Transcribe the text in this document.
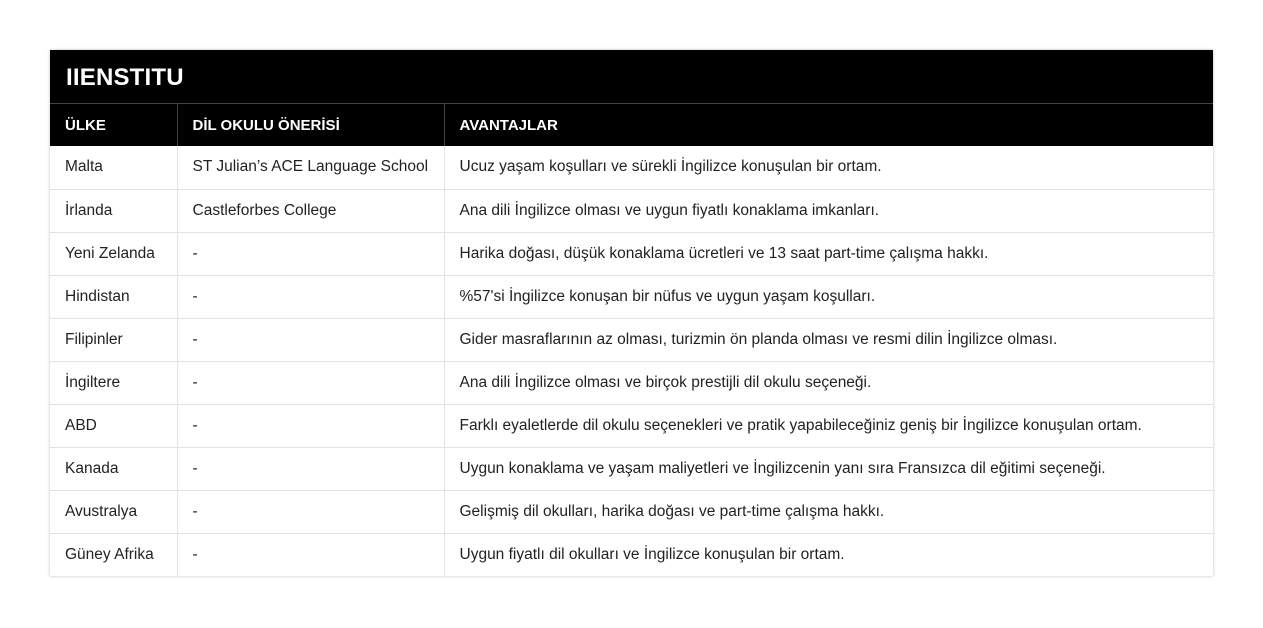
IIENSTITU
ÜLKE	DİL OKULU ÖNERİSİ	AVANTAJLAR
Malta	ST Julian’s ACE Language School	Ucuz yaşam koşulları ve sürekli İngilizce konuşulan bir ortam.
İrlanda	Castleforbes College	Ana dili İngilizce olması ve uygun fiyatlı konaklama imkanları.
Yeni Zelanda	-	Harika doğası, düşük konaklama ücretleri ve 13 saat part-time çalışma hakkı.
Hindistan	-	%57'si İngilizce konuşan bir nüfus ve uygun yaşam koşulları.
Filipinler	-	Gider masraflarının az olması, turizmin ön planda olması ve resmi dilin İngilizce olması.
İngiltere	-	Ana dili İngilizce olması ve birçok prestijli dil okulu seçeneği.
ABD	-	Farklı eyaletlerde dil okulu seçenekleri ve pratik yapabileceğiniz geniş bir İngilizce konuşulan ortam.
Kanada	-	Uygun konaklama ve yaşam maliyetleri ve İngilizcenin yanı sıra Fransızca dil eğitimi seçeneği.
Avustralya	-	Gelişmiş dil okulları, harika doğası ve part-time çalışma hakkı.
Güney Afrika	-	Uygun fiyatlı dil okulları ve İngilizce konuşulan bir ortam.
